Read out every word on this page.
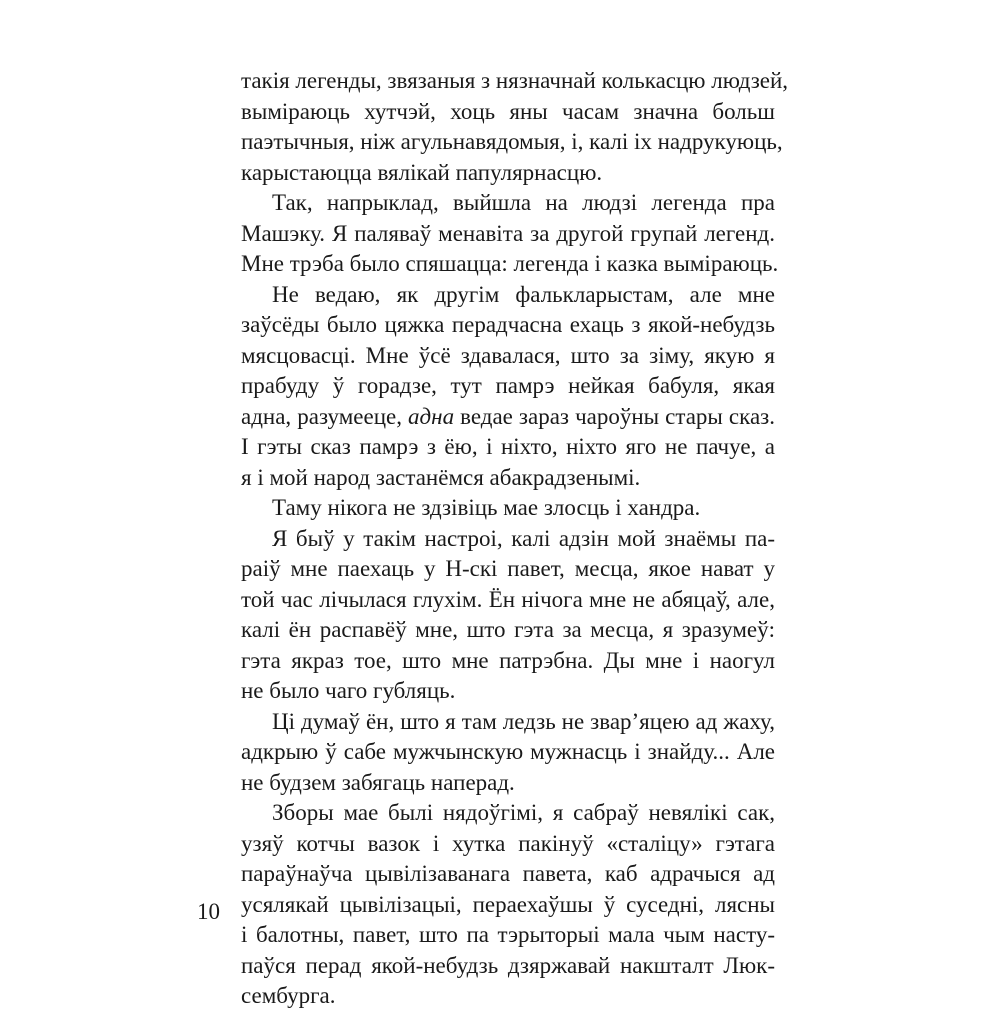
такія легенды, звязаныя з нязначнай колькасцю людзей,
выміраюць хутчэй, хоць яны часам значна больш
паэтычныя, ніж агульнавядомыя, і, калі іх надрукуюць,
карыстаюцца вялікай папулярнасцю.
Так, напрыклад, выйшла на людзі легенда пра
Машэку. Я паляваў менавіта за другой групай легенд.
Мне трэба было спяшацца: легенда і казка выміраюць.
Не ведаю, як другім фалькларыстам, але мне
заўсёды было цяжка перадчасна ехаць з якой-небудзь
мясцовасці. Мне ўсё здавалася, што за зіму, якую я
прабуду ў горадзе, тут памрэ нейкая бабуля, якая
адна, разумееце, адна ведае зараз чароўны стары сказ.
І гэты сказ памрэ з ёю, і ніхто, ніхто яго не пачуе, а
я і мой народ застанёмся абакрадзенымі.
Таму нікога не здзівіць мае злосць і хандра.
Я быў у такім настроі, калі адзін мой знаёмы па-
раіў мне паехаць у Н-скі павет, месца, якое нават у
той час лічылася глухім. Ён нічога мне не абяцаў, але,
калі ён распавёў мне, што гэта за месца, я зразумеў:
гэта якраз тое, што мне патрэбна. Ды мне і наогул
не было чаго губляць.
Ці думаў ён, што я там ледзь не звар’яцею ад жаху,
адкрыю ў сабе мужчынскую мужнасць і знайду... Але
не будзем забягаць наперад.
Зборы мае былі нядоўгімі, я сабраў невялікі сак,
узяў котчы вазок і хутка пакінуў «сталіцу» гэтага
параўнаўча цывілізаванага павета, каб адрачыся ад
усялякай цывілізацыі, пераехаўшы ў суседні, лясны
і балотны, павет, што па тэрыторыі мала чым насту-
паўся перад якой-небудзь дзяржавай накшталт Люк-
сембурга.
10
